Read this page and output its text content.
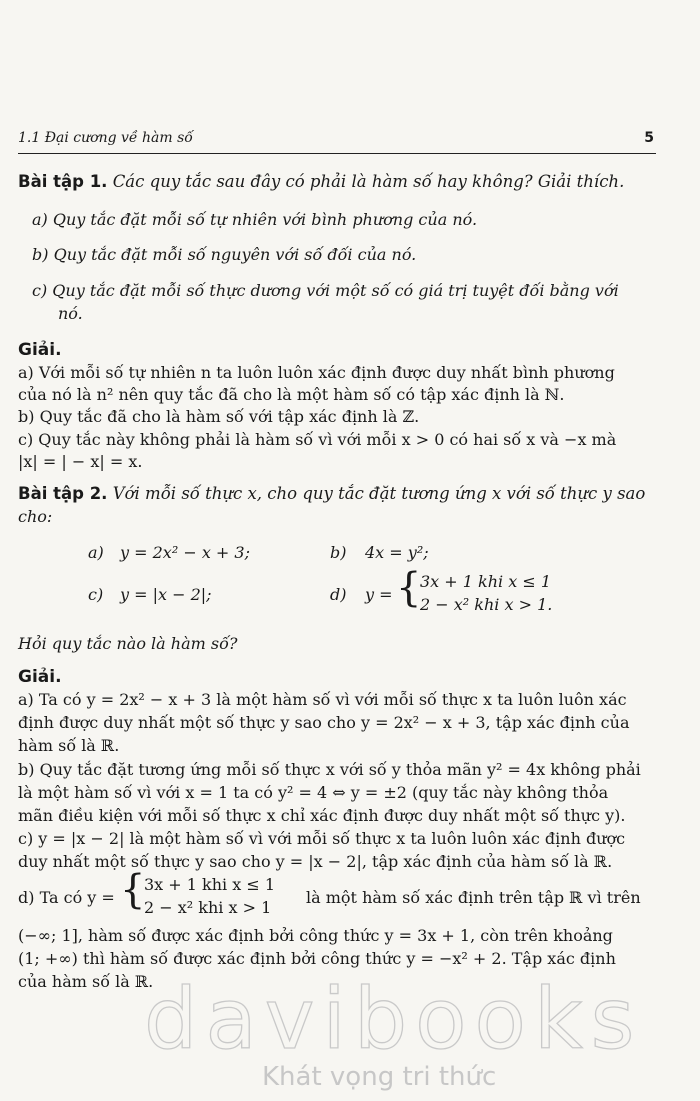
1.1 Đại cương về hàm số	5
Bài tập 1. Các quy tắc sau đây có phải là hàm số hay không? Giải thích.
a) Quy tắc đặt mỗi số tự nhiên với bình phương của nó.
b) Quy tắc đặt mỗi số nguyên với số đối của nó.
c) Quy tắc đặt mỗi số thực dương với một số có giá trị tuyệt đối bằng với
nó.
Giải.
a) Với mỗi số tự nhiên n ta luôn luôn xác định được duy nhất bình phương
của nó là n² nên quy tắc đã cho là một hàm số có tập xác định là ℕ.
b) Quy tắc đã cho là hàm số với tập xác định là ℤ.
c) Quy tắc này không phải là hàm số vì với mỗi x > 0 có hai số x và −x mà
|x| = | − x| = x.
Bài tập 2. Với mỗi số thực x, cho quy tắc đặt tương ứng x với số thực y sao
cho:
a) y = 2x² − x + 3;	b) 4x = y²;
c) y = |x − 2|;	d) y = {
3x + 1 khi x ≤ 1
2 − x² khi x > 1.
Hỏi quy tắc nào là hàm số?
Giải.
a) Ta có y = 2x² − x + 3 là một hàm số vì với mỗi số thực x ta luôn luôn xác
định được duy nhất một số thực y sao cho y = 2x² − x + 3, tập xác định của
hàm số là ℝ.
b) Quy tắc đặt tương ứng mỗi số thực x với số y thỏa mãn y² = 4x không phải
là một hàm số vì với x = 1 ta có y² = 4 ⇔ y = ±2 (quy tắc này không thỏa
mãn điều kiện với mỗi số thực x chỉ xác định được duy nhất một số thực y).
c) y = |x − 2| là một hàm số vì với mỗi số thực x ta luôn luôn xác định được
duy nhất một số thực y sao cho y = |x − 2|, tập xác định của hàm số là ℝ.
d) Ta có y = {
3x + 1 khi x ≤ 1
2 − x² khi x > 1
là một hàm số xác định trên tập ℝ vì trên
(−∞; 1], hàm số được xác định bởi công thức y = 3x + 1, còn trên khoảng
(1; +∞) thì hàm số được xác định bởi công thức y = −x² + 2. Tập xác định
của hàm số là ℝ.
davibooks
Khát vọng tri thức
